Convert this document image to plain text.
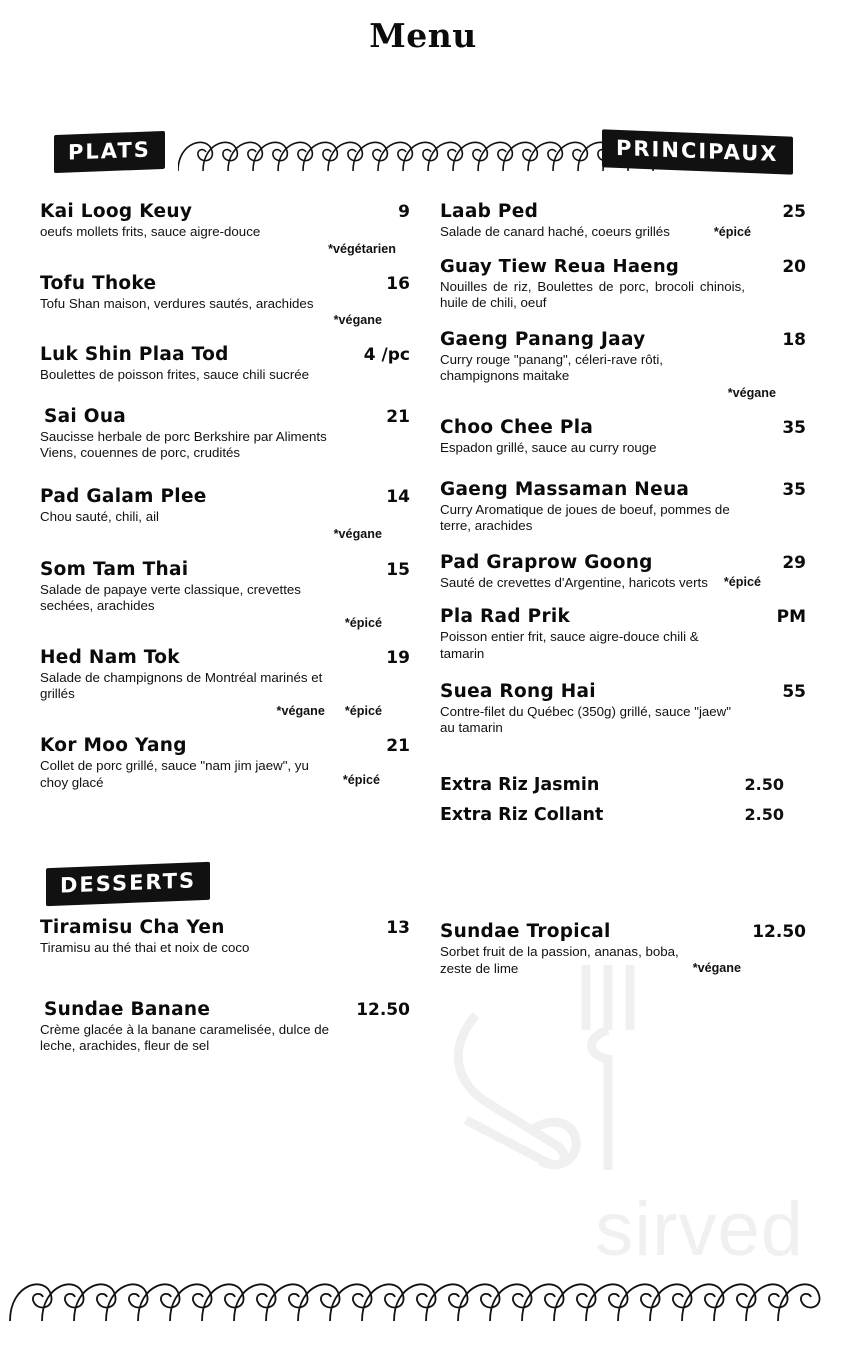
sirved
Menu
PLATS	PRINCIPAUX
Kai Loog Keuy	9
oeufs mollets frits, sauce aigre-douce
*végétarien
Tofu Thoke	16
Tofu Shan maison, verdures sautés, arachides
*végane
Luk Shin Plaa Tod	4 /pc
Boulettes de poisson frites, sauce chili sucrée
Sai Oua	21
Saucisse herbale de porc Berkshire par Aliments Viens, couennes de porc, crudités
Pad Galam Plee	14
Chou sauté, chili, ail
*végane
Som Tam Thai	15
Salade de papaye verte classique, crevettes sechées, arachides
*épicé
Hed Nam Tok	19
Salade de champignons de Montréal marinés et grillés
*végane *épicé
Kor Moo Yang	21
Collet de porc grillé, sauce "nam jim jaew", yu choy glacé	*épicé
Laab Ped	25
Salade de canard haché, coeurs grillés	*épicé
Guay Tiew Reua Haeng	20
Nouilles de riz, Boulettes de porc, brocoli chinois, huile de chili, oeuf
Gaeng Panang Jaay	18
Curry rouge "panang", céleri-rave rôti, champignons maitake
*végane
Choo Chee Pla	35
Espadon grillé, sauce au curry rouge
Gaeng Massaman Neua	35
Curry Aromatique de joues de boeuf, pommes de terre, arachides
Pad Graprow Goong	29
Sauté de crevettes d'Argentine, haricots verts *épicé
Pla Rad Prik	PM
Poisson entier frit, sauce aigre-douce chili & tamarin
Suea Rong Hai	55
Contre-filet du Québec (350g) grillé, sauce "jaew" au tamarin
Extra Riz Jasmin	2.50
Extra Riz Collant	2.50
DESSERTS
Tiramisu Cha Yen	13
Tiramisu au thé thai et noix de coco
Sundae Banane	12.50
Crème glacée à la banane caramelisée, dulce de leche, arachides, fleur de sel
Sundae Tropical	12.50
Sorbet fruit de la passion, ananas, boba, zeste de lime	*végane
